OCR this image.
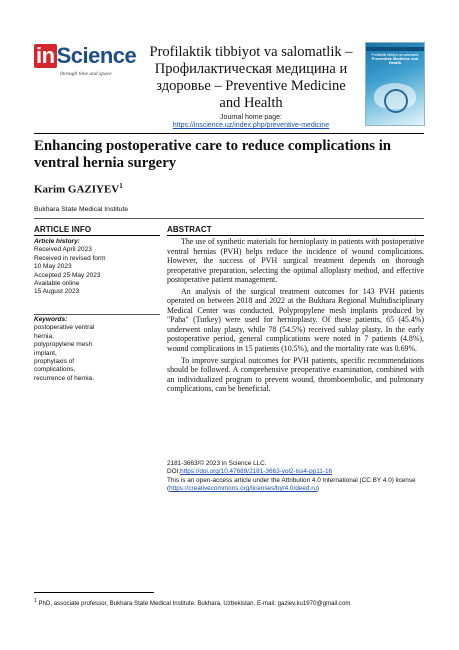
inScience
through time and space
Profilaktik tibbiyot va salomatlik –
Профилактическая медицина и
здоровье – Preventive Medicine
and Health
Journal home page:
https://inscience.uz/index.php/preventive-medicine
Profilaktik tibbiyot va salomatlik
Preventive Medicine and Health
Enhancing postoperative care to reduce complications in ventral hernia surgery
Karim GAZIYEV$^1$
Bukhara State Medical Institute
ARTICLE INFO
Article history:
Received April 2023
Received in revised form
10 May 2023
Accepted 25 May 2023
Available online
15 August 2023
Keywords:
postoperative ventral
hernia,
polypropylene mesh
implant,
prophylaxis of
complications,
recurrence of hernia.
ABSTRACT

The use of synthetic materials for hernioplasty in patients with postoperative ventral hernias (PVH) helps reduce the incidence of wound complications. However, the success of PVH surgical treatment depends on thorough preoperative preparation, selecting the optimal alloplasty method, and effective postoperative patient management.

An analysis of the surgical treatment outcomes for 143 PVH patients operated on between 2018 and 2022 at the Bukhara Regional Multidisciplinary Medical Center was conducted. Polypropylene mesh implants produced by "Paha" (Turkey) were used for hernioplasty. Of these patients, 65 (45.4%) underwent onlay plasty, while 78 (54.5%) received sublay plasty. In the early postoperative period, general complications were noted in 7 patients (4.8%), wound complications in 15 patients (10.5%), and the mortality rate was 0.69%.

To improve surgical outcomes for PVH patients, specific recommendations should be followed. A comprehensive preoperative examination, combined with an individualized program to prevent wound, thromboembolic, and pulmonary complications, can be beneficial.

2181-3663/© 2023 in Science LLC.
DOI:https://doi.org/10.47689/2181-3663-vol2-iss4-pp11-16
This is an open-access article under the Attribution 4.0 International (CC BY 4.0) license (https://creativecommons.org/licenses/by/4.0/deed.ru)
$^1$ PhD, associate professor, Bukhara State Medical Institute. Bukhara, Uzbekistan. E-mail: gaziev.ku1970@gmail.com
